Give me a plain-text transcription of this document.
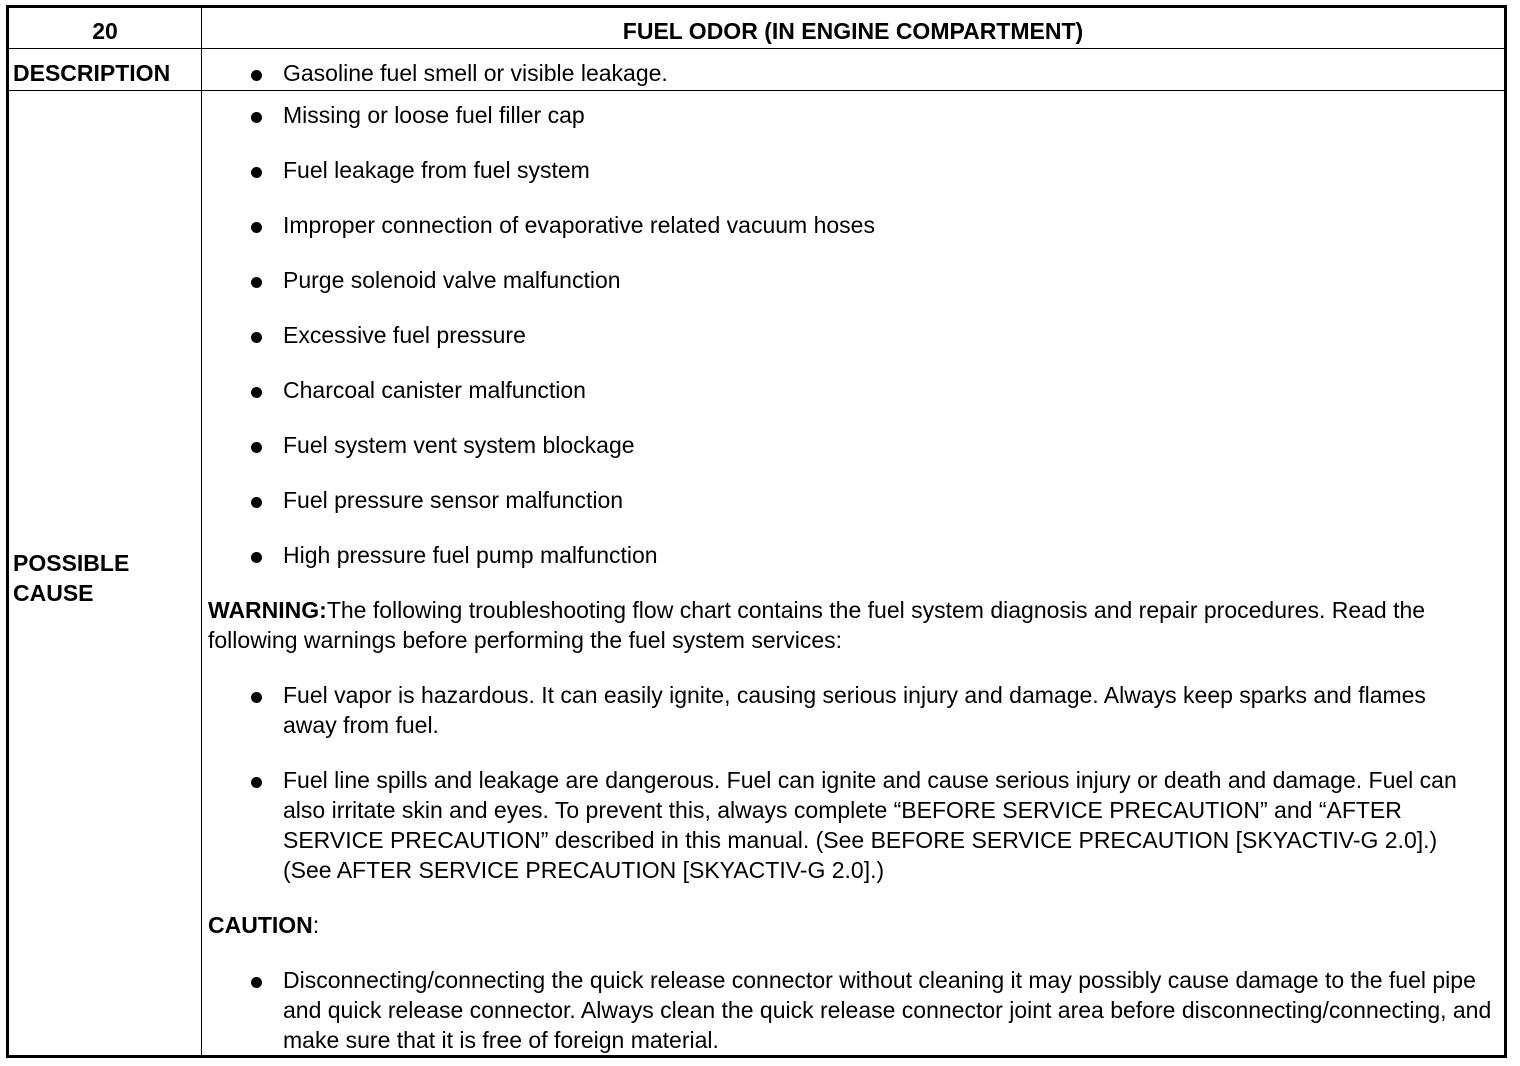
20	FUEL ODOR (IN ENGINE COMPARTMENT)
DESCRIPTION	Gasoline fuel smell or visible leakage.
POSSIBLE
CAUSE
Missing or loose fuel filler cap
Fuel leakage from fuel system
Improper connection of evaporative related vacuum hoses
Purge solenoid valve malfunction
Excessive fuel pressure
Charcoal canister malfunction
Fuel system vent system blockage
Fuel pressure sensor malfunction
High pressure fuel pump malfunction
WARNING:The following troubleshooting flow chart contains the fuel system diagnosis and repair procedures. Read the following warnings before performing the fuel system services:
Fuel vapor is hazardous. It can easily ignite, causing serious injury and damage. Always keep sparks and flames away from fuel.
Fuel line spills and leakage are dangerous. Fuel can ignite and cause serious injury or death and damage. Fuel can also irritate skin and eyes. To prevent this, always complete “BEFORE SERVICE PRECAUTION” and “AFTER SERVICE PRECAUTION” described in this manual. (See BEFORE SERVICE PRECAUTION [SKYACTIV-G 2.0].) (See AFTER SERVICE PRECAUTION [SKYACTIV-G 2.0].)
CAUTION:
Disconnecting/connecting the quick release connector without cleaning it may possibly cause damage to the fuel pipe and quick release connector. Always clean the quick release connector joint area before disconnecting/connecting, and make sure that it is free of foreign material.
